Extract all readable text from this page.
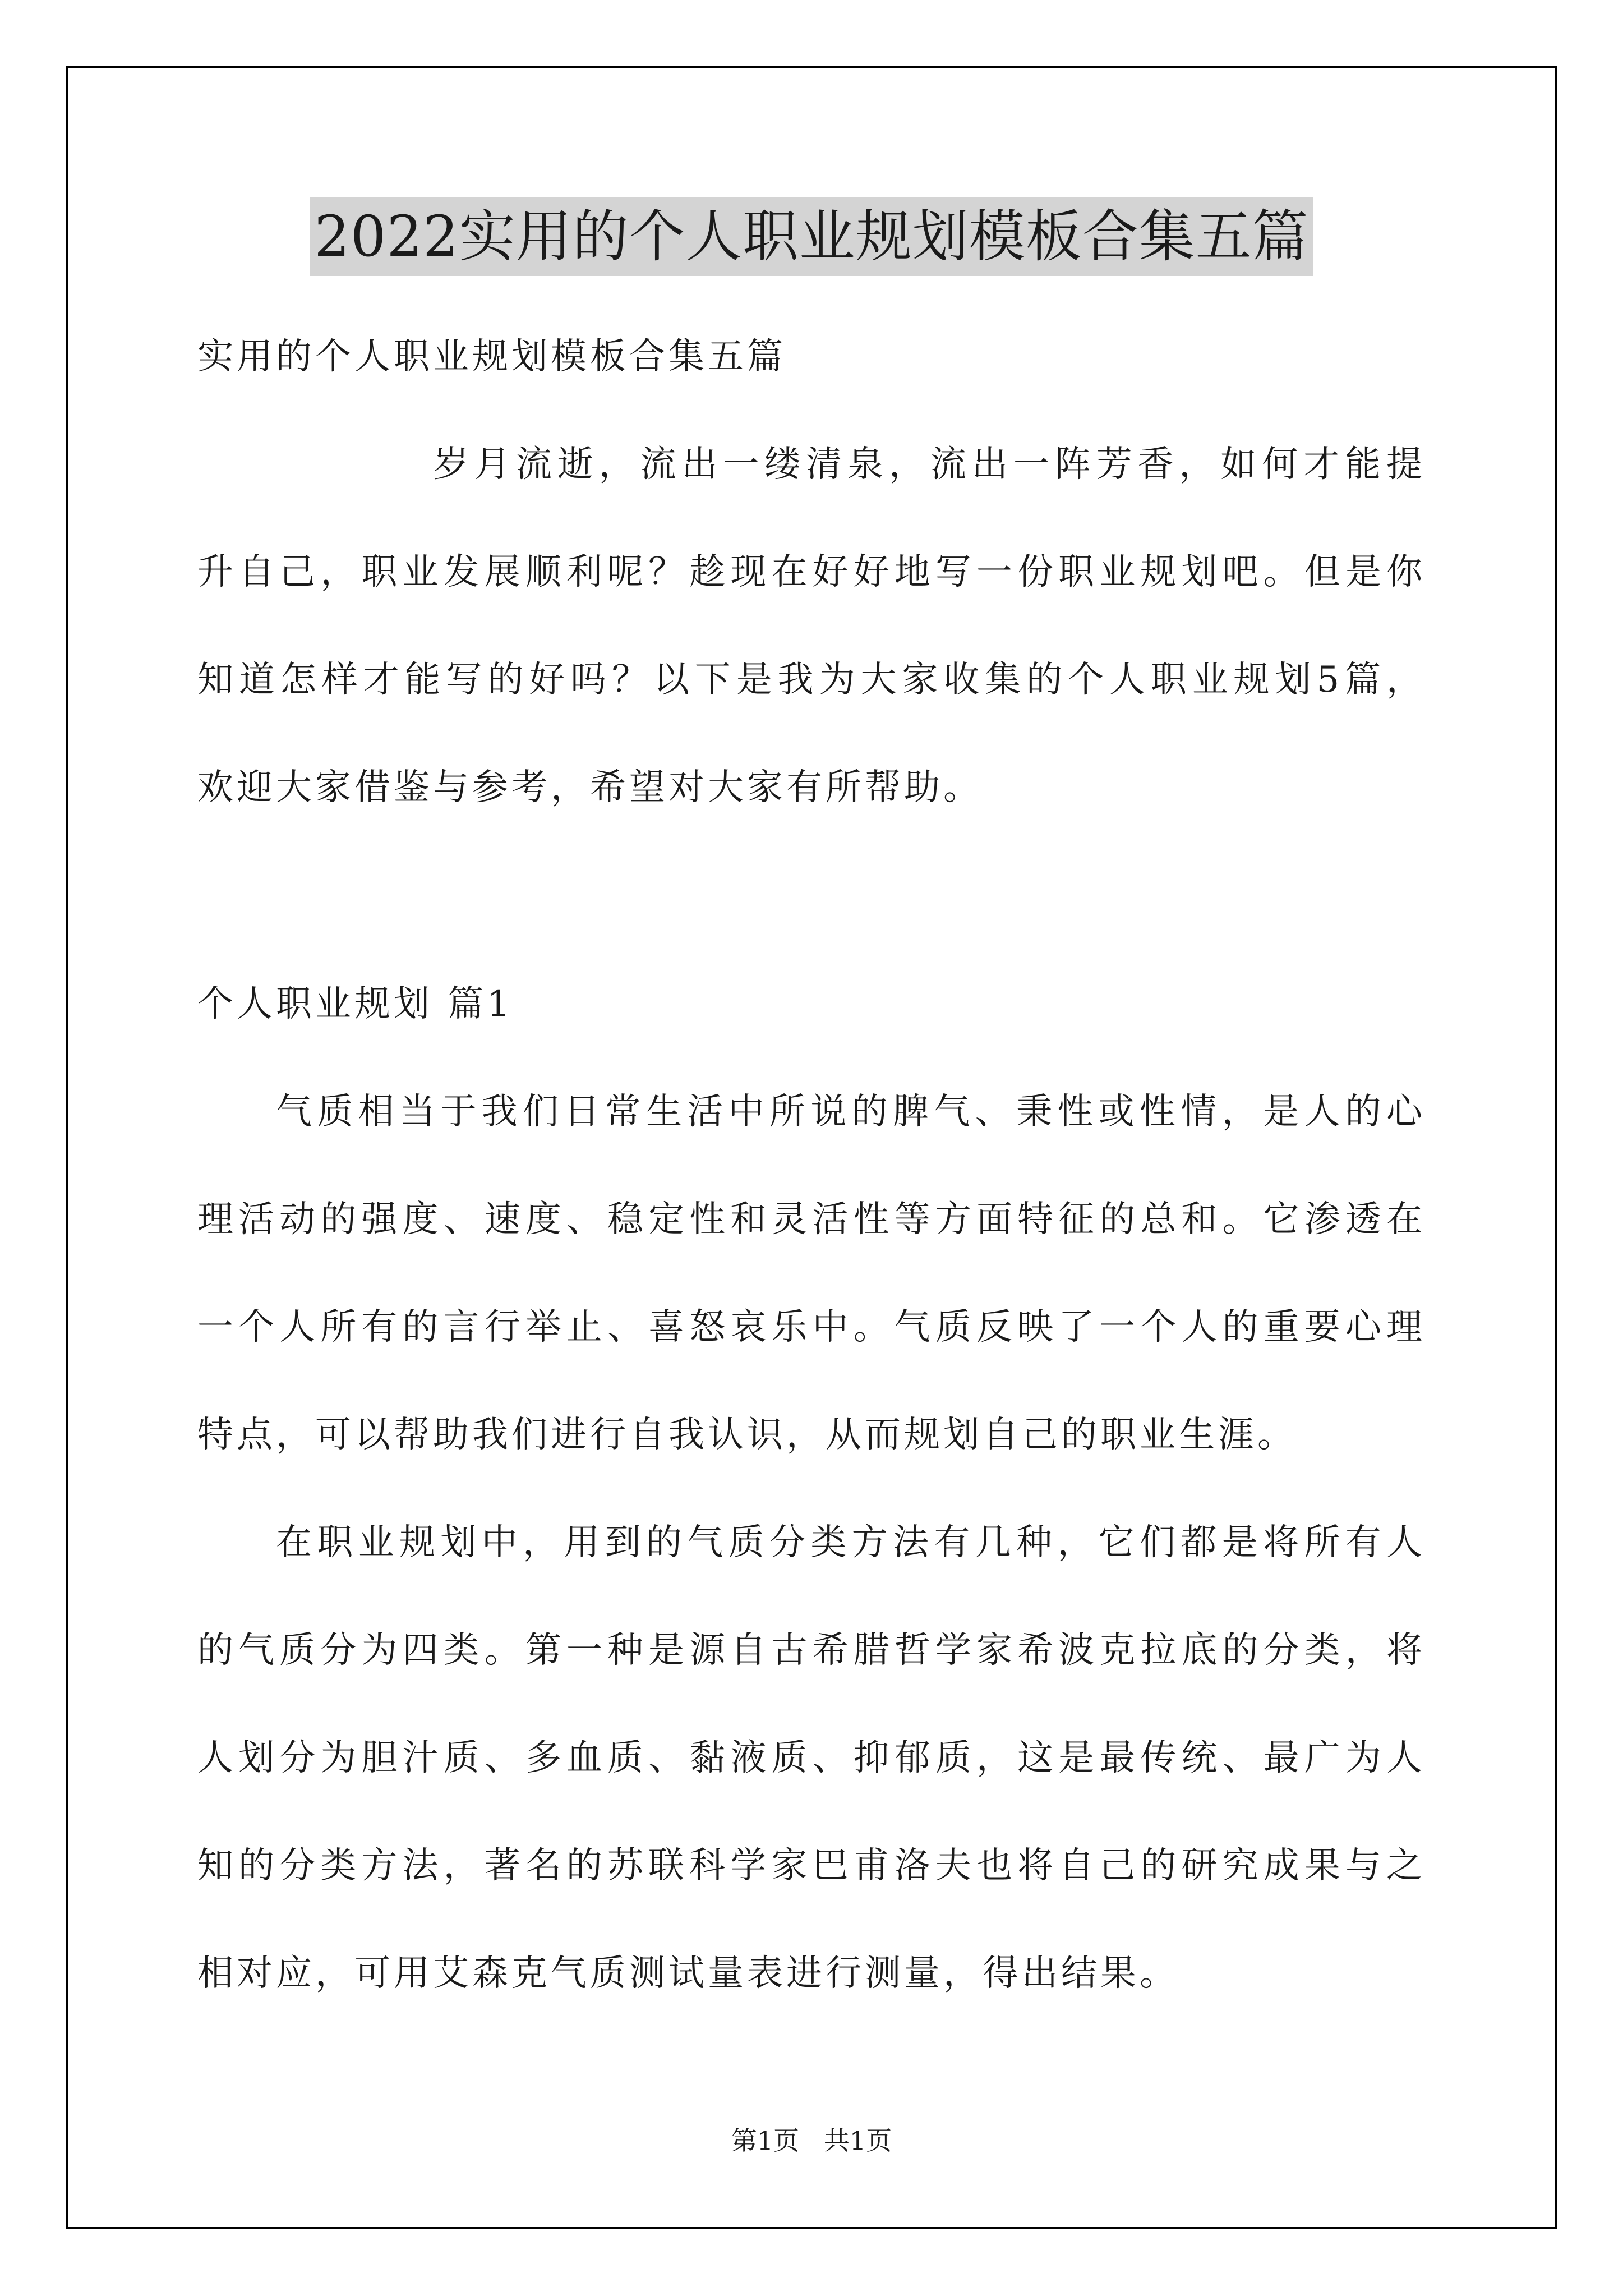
2022实用的个人职业规划模板合集五篇
实用的个人职业规划模板合集五篇
岁月流逝，流出一缕清泉，流出一阵芳香，如何才能提
升自己，职业发展顺利呢？趁现在好好地写一份职业规划吧。但是你
知道怎样才能写的好吗？以下是我为大家收集的个人职业规划5篇，
欢迎大家借鉴与参考，希望对大家有所帮助。
个人职业规划 篇1
气质相当于我们日常生活中所说的脾气、秉性或性情，是人的心
理活动的强度、速度、稳定性和灵活性等方面特征的总和。它渗透在
一个人所有的言行举止、喜怒哀乐中。气质反映了一个人的重要心理
特点，可以帮助我们进行自我认识，从而规划自己的职业生涯。
在职业规划中，用到的气质分类方法有几种，它们都是将所有人
的气质分为四类。第一种是源自古希腊哲学家希波克拉底的分类，将
人划分为胆汁质、多血质、黏液质、抑郁质，这是最传统、最广为人
知的分类方法，著名的苏联科学家巴甫洛夫也将自己的研究成果与之
相对应，可用艾森克气质测试量表进行测量，得出结果。
第1页   共1页
